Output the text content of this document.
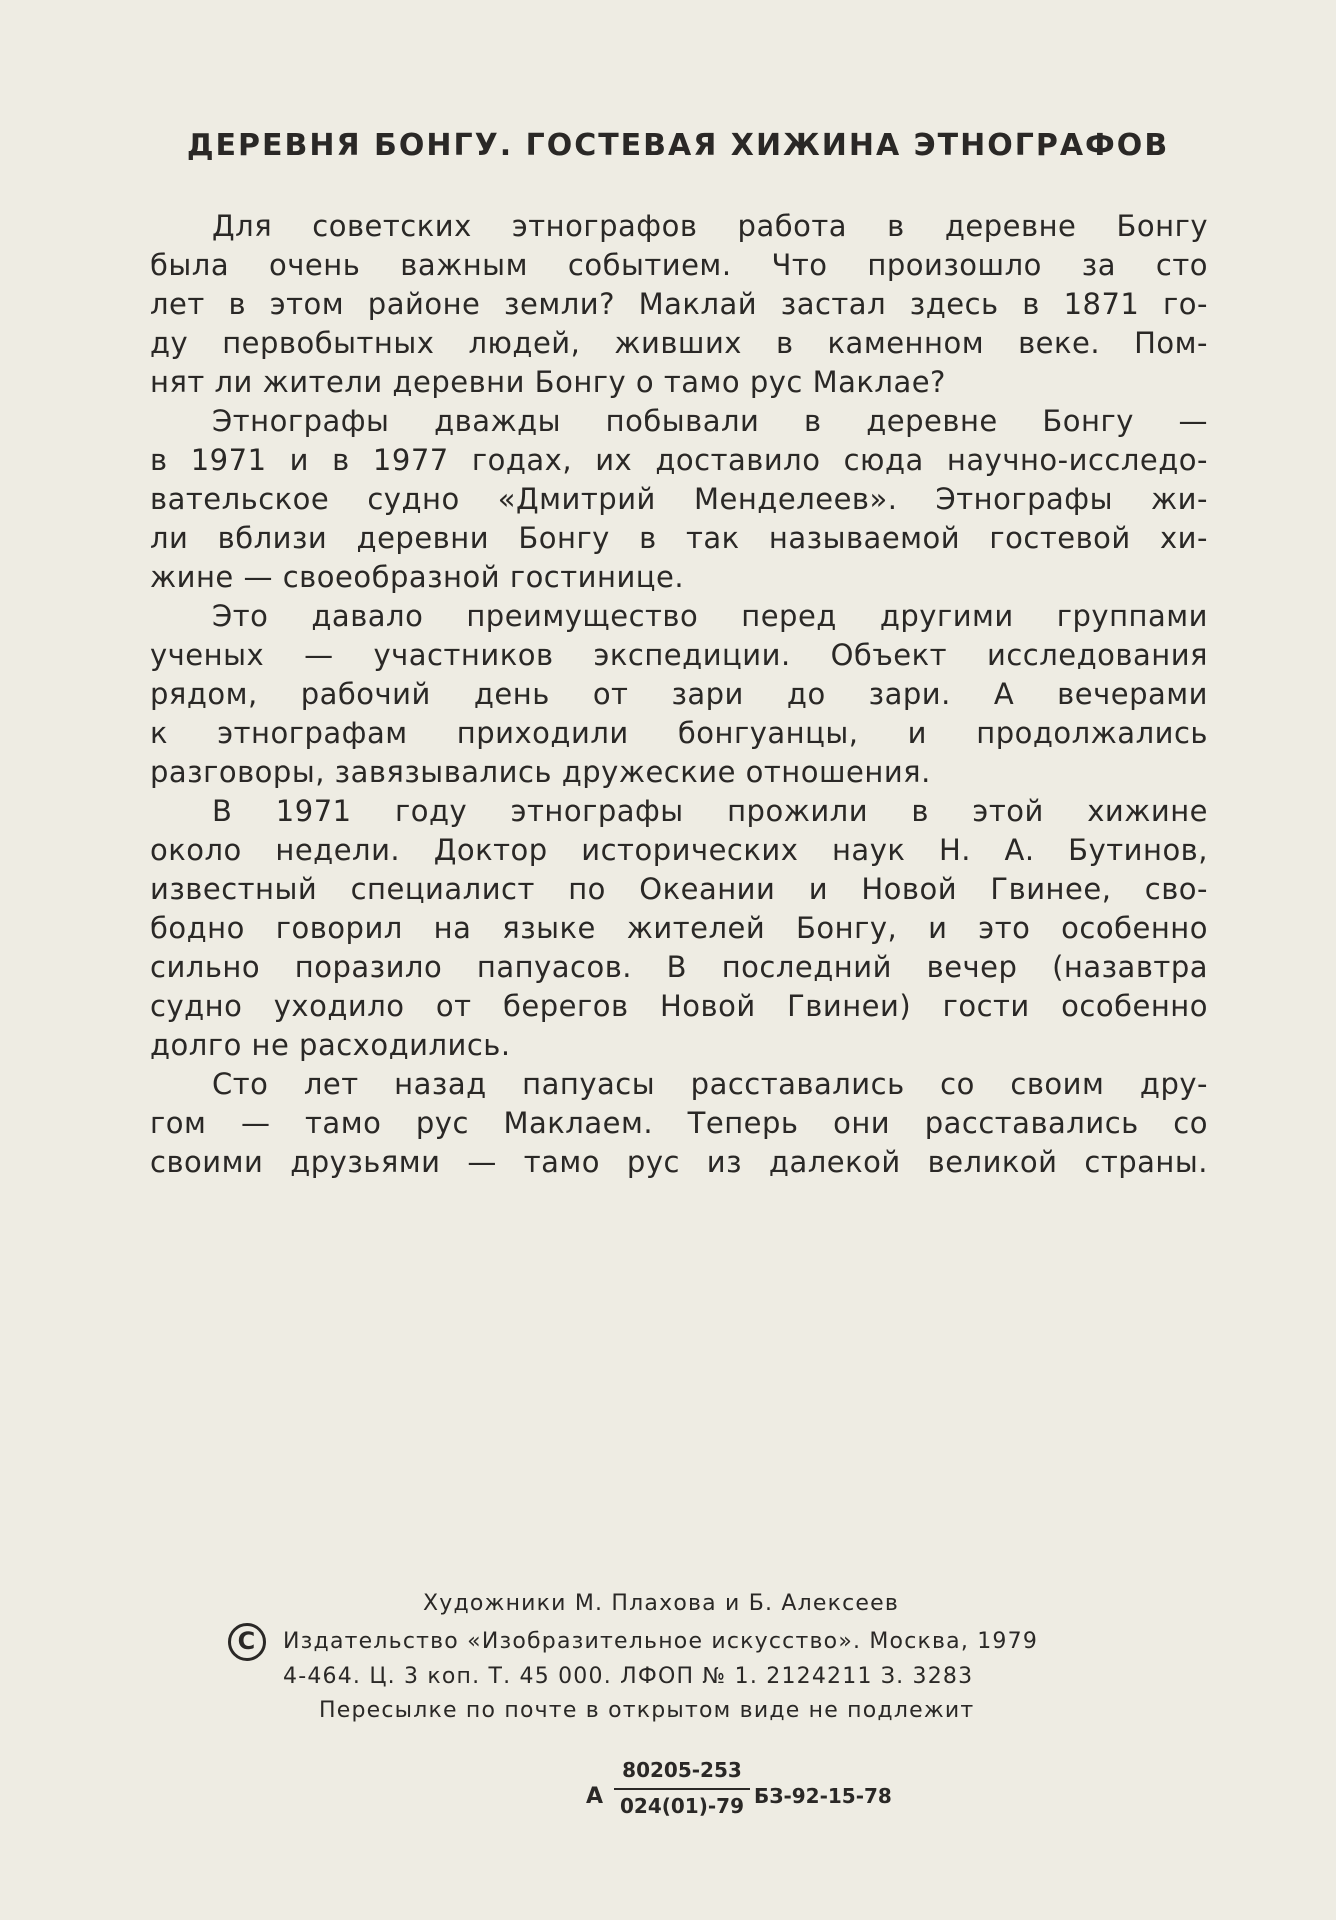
ДЕРЕВНЯ БОНГУ. ГОСТЕВАЯ ХИЖИНА ЭТНОГРАФОВ
Для советских этнографов работа в деревне Бонгу
была очень важным событием. Что произошло за сто
лет в этом районе земли? Маклай застал здесь в 1871 го-
ду первобытных людей, живших в каменном веке. Пом-
нят ли жители деревни Бонгу о тамо рус Маклае?
Этнографы дважды побывали в деревне Бонгу —
в 1971 и в 1977 годах, их доставило сюда научно-исследо-
вательское судно «Дмитрий Менделеев». Этнографы жи-
ли вблизи деревни Бонгу в так называемой гостевой хи-
жине — своеобразной гостинице.
Это давало преимущество перед другими группами
ученых — участников экспедиции. Объект исследования
рядом, рабочий день от зари до зари. А вечерами
к этнографам приходили бонгуанцы, и продолжались
разговоры, завязывались дружеские отношения.
В 1971 году этнографы прожили в этой хижине
около недели. Доктор исторических наук Н. А. Бутинов,
известный специалист по Океании и Новой Гвинее, сво-
бодно говорил на языке жителей Бонгу, и это особенно
сильно поразило папуасов. В последний вечер (назавтра
судно уходило от берегов Новой Гвинеи) гости особенно
долго не расходились.
Сто лет назад папуасы расставались со своим дру-
гом — тамо рус Маклаем. Теперь они расставались со
своими друзьями — тамо рус из далекой великой страны.
Художники М. Плахова и Б. Алексеев
C	Издательство «Изобразительное искусство». Москва, 1979
4-464. Ц. 3 коп. Т. 45 000. ЛФОП № 1. 2124211 З. 3283
Пересылке по почте в открытом виде не подлежит
А
80205-253
024(01)-79 БЗ-92-15-78
